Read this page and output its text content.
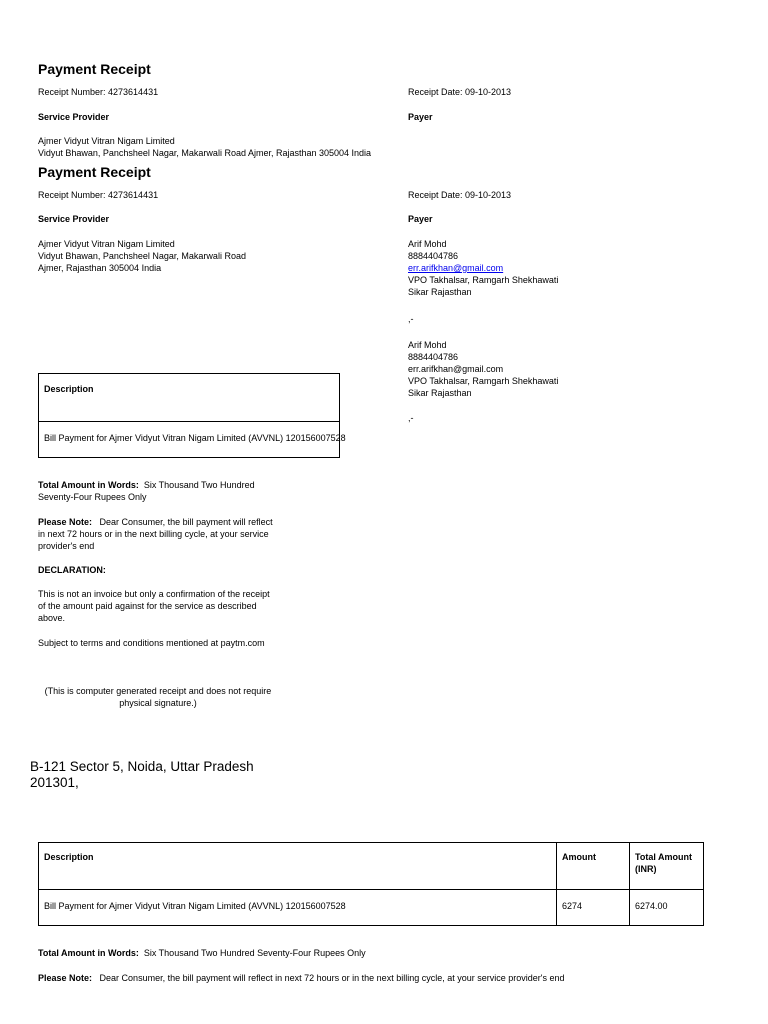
Payment Receipt
Receipt Number: 4273614431	Receipt Date: 09-10-2013
Service Provider	Payer
Ajmer Vidyut Vitran Nigam Limited
Vidyut Bhawan, Panchsheel Nagar, Makarwali Road Ajmer, Rajasthan 305004 India
Payment Receipt
Receipt Number: 4273614431	Receipt Date: 09-10-2013
Service Provider	Payer
Ajmer Vidyut Vitran Nigam Limited
Vidyut Bhawan, Panchsheel Nagar, Makarwali Road
Ajmer, Rajasthan 305004 India
Arif Mohd
8884404786
err.arifkhan@gmail.com
VPO Takhalsar, Ramgarh Shekhawati
Sikar Rajasthan
,-
Arif Mohd
8884404786
err.arifkhan@gmail.com
VPO Takhalsar, Ramgarh Shekhawati
Sikar Rajasthan
,-
Description
Bill Payment for Ajmer Vidyut Vitran Nigam Limited (AVVNL) 120156007528
Total Amount in Words: Six Thousand Two Hundred Seventy-Four Rupees Only
Please Note: Dear Consumer, the bill payment will reflect in next 72 hours or in the next billing cycle, at your service provider's end
DECLARATION:
This is not an invoice but only a confirmation of the receipt of the amount paid against for the service as described above.
Subject to terms and conditions mentioned at paytm.com
(This is computer generated receipt and does not require physical signature.)
B-121 Sector 5, Noida, Uttar Pradesh
201301,
Description	Amount	Total Amount (INR)
Bill Payment for Ajmer Vidyut Vitran Nigam Limited (AVVNL) 120156007528	6274	6274.00
Total Amount in Words: Six Thousand Two Hundred Seventy-Four Rupees Only
Please Note: Dear Consumer, the bill payment will reflect in next 72 hours or in the next billing cycle, at your service provider's end
